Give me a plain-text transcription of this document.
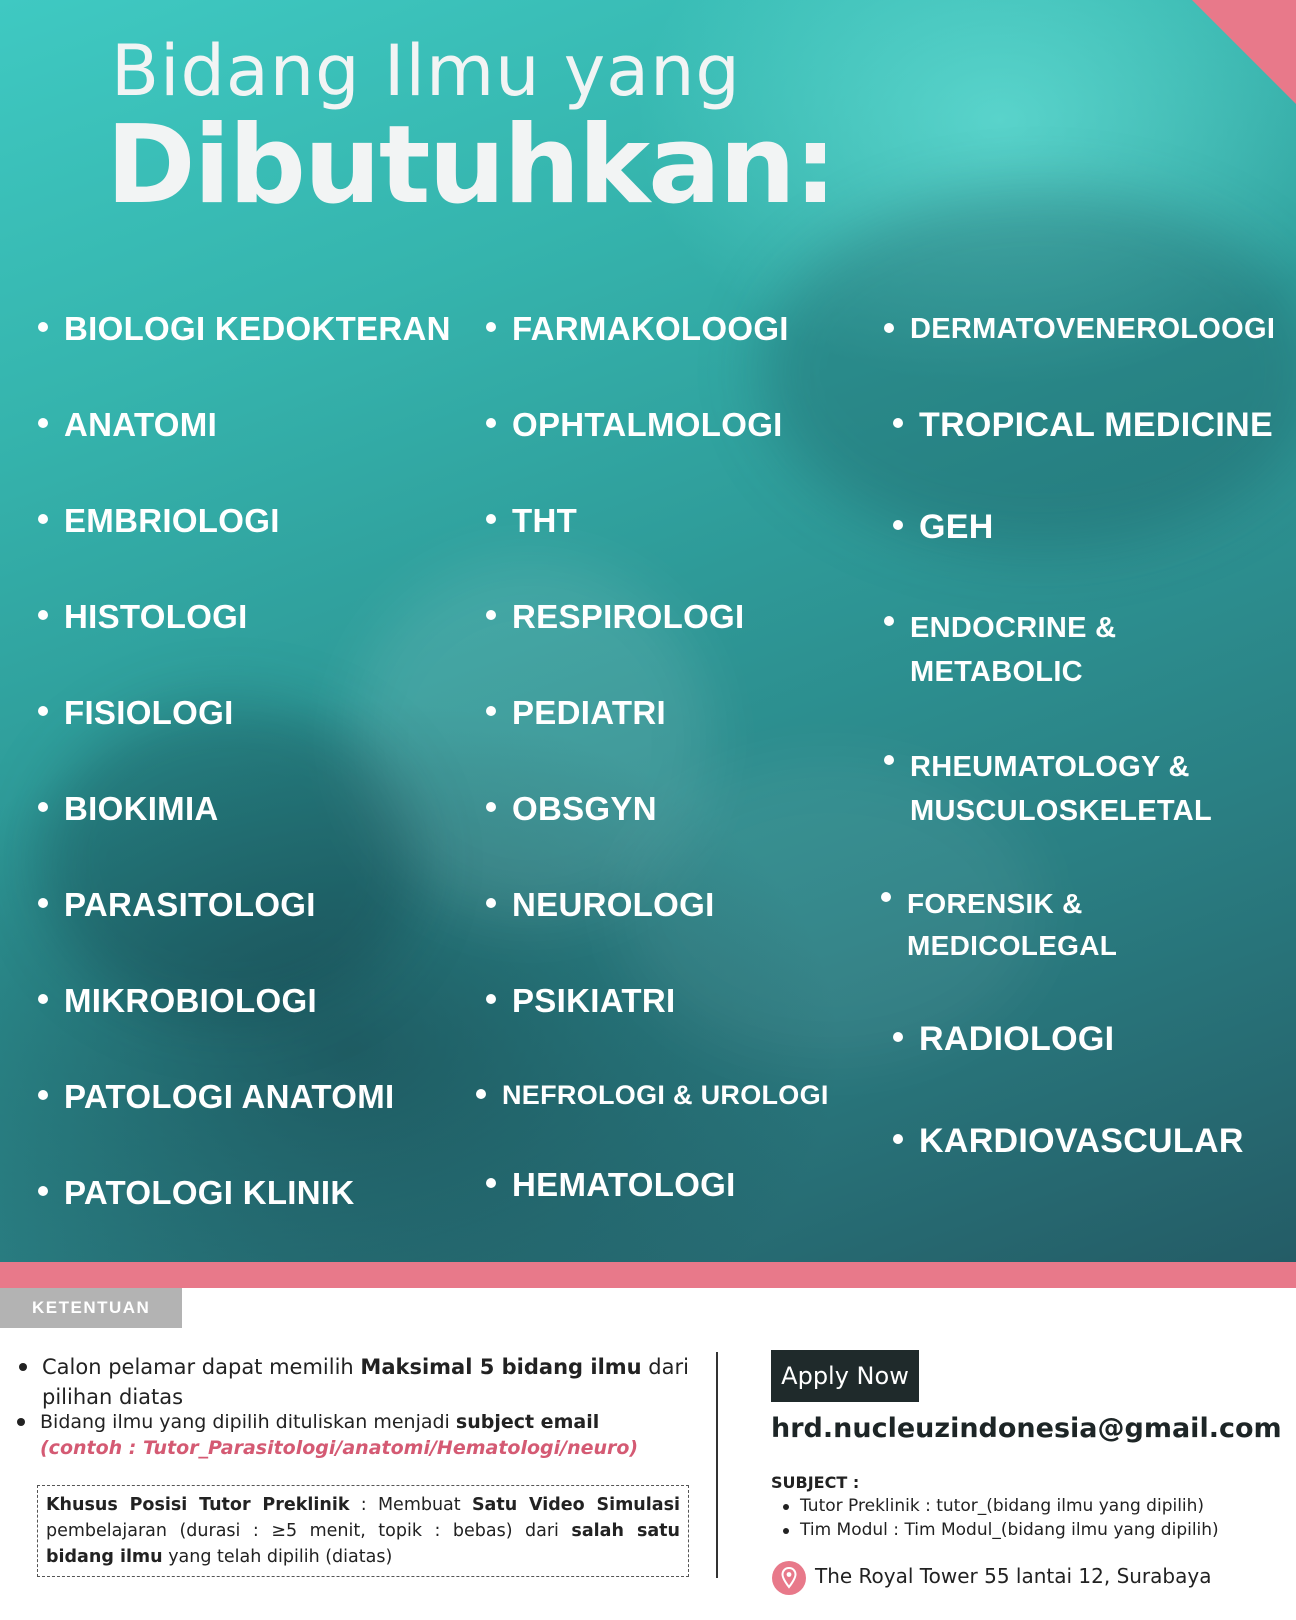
Bidang Ilmu yang
Dibutuhkan:
BIOLOGI KEDOKTERAN
ANATOMI
EMBRIOLOGI
HISTOLOGI
FISIOLOGI
BIOKIMIA
PARASITOLOGI
MIKROBIOLOGI
PATOLOGI ANATOMI
PATOLOGI KLINIK
FARMAKOLOOGI
OPHTALMOLOGI
THT
RESPIROLOGI
PEDIATRI
OBSGYN
NEUROLOGI
PSIKIATRI
NEFROLOGI & UROLOGI
HEMATOLOGI
DERMATOVENEROLOOGI
TROPICAL MEDICINE
GEH
ENDOCRINE &
METABOLIC
RHEUMATOLOGY &
MUSCULOSKELETAL
FORENSIK &
MEDICOLEGAL
RADIOLOGI
KARDIOVASCULAR
KETENTUAN
Calon pelamar dapat memilih Maksimal 5 bidang ilmu dari pilihan diatas
Bidang ilmu yang dipilih dituliskan menjadi subject email
(contoh : Tutor_Parasitologi/anatomi/Hematologi/neuro)
Khusus Posisi Tutor Preklinik : Membuat Satu Video Simulasi pembelajaran (durasi : ≥5 menit, topik : bebas) dari salah satu bidang ilmu yang telah dipilih (diatas)
Apply Now
hrd.nucleuzindonesia@gmail.com
SUBJECT :
Tutor Preklinik : tutor_(bidang ilmu yang dipilih)
Tim Modul : Tim Modul_(bidang ilmu yang dipilih)
The Royal Tower 55 lantai 12, Surabaya
